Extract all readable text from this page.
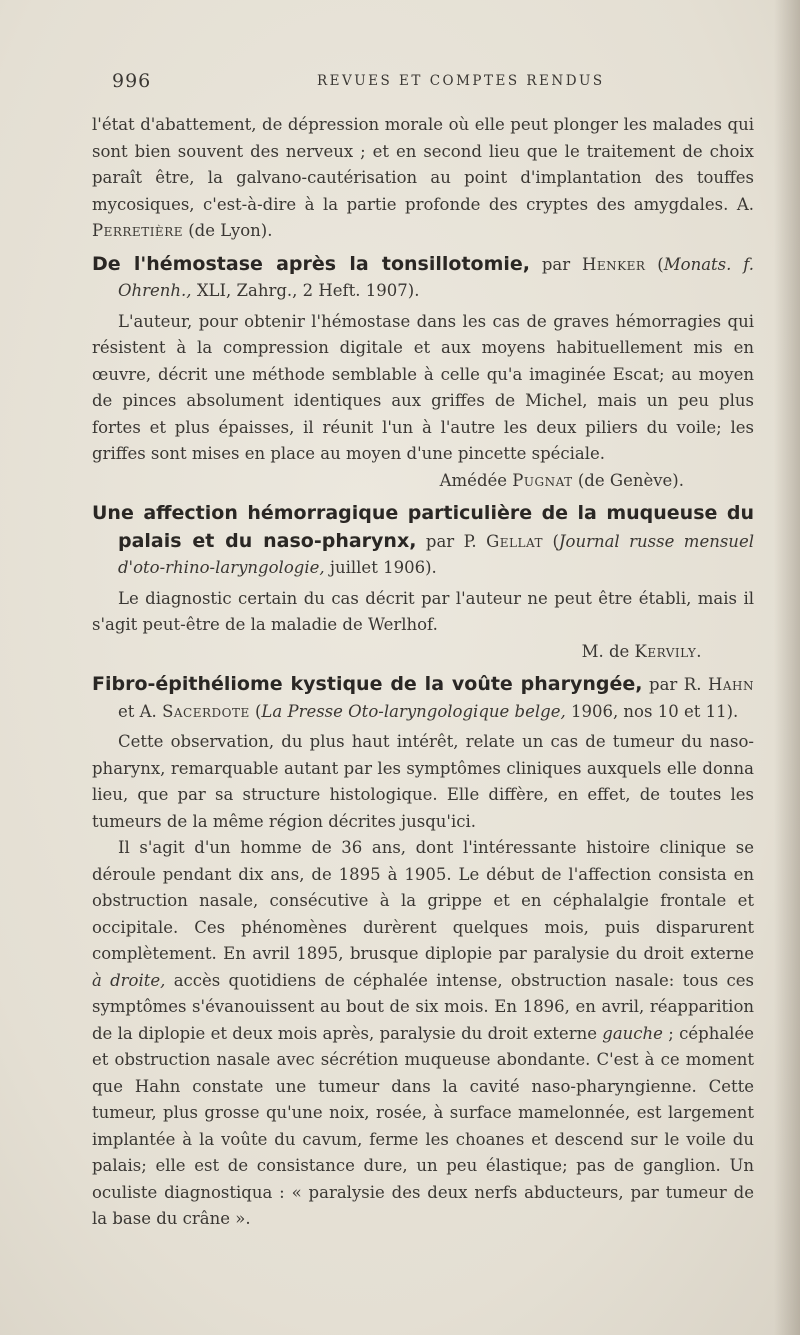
996	REVUES ET COMPTES RENDUS

l'état d'abattement, de dépression morale où elle peut plonger les malades qui sont bien souvent des nerveux ; et en second lieu que le traitement de choix paraît être, la galvano-cautérisation au point d'implantation des touffes mycosiques, c'est-à-dire à la partie profonde des cryptes des amygdales. A. Perretière (de Lyon).

De l'hémostase après la tonsillotomie, par Henker (Monats. f. Ohrenh., XLI, Zahrg., 2 Heft. 1907).

L'auteur, pour obtenir l'hémostase dans les cas de graves hémorragies qui résistent à la compression digitale et aux moyens habituellement mis en œuvre, décrit une méthode semblable à celle qu'a imaginée Escat; au moyen de pinces absolument identiques aux griffes de Michel, mais un peu plus fortes et plus épaisses, il réunit l'un à l'autre les deux piliers du voile; les griffes sont mises en place au moyen d'une pincette spéciale.

Amédée Pugnat (de Genève).

Une affection hémorragique particulière de la muqueuse du palais et du naso-pharynx, par P. Gellat (Journal russe mensuel d'oto-rhino-laryngologie, juillet 1906).

Le diagnostic certain du cas décrit par l'auteur ne peut être établi, mais il s'agit peut-être de la maladie de Werlhof.

M. de Kervily.

Fibro-épithéliome kystique de la voûte pharyngée, par R. Hahn et A. Sacerdote (La Presse Oto-laryngologique belge, 1906, nos 10 et 11).

Cette observation, du plus haut intérêt, relate un cas de tumeur du naso-pharynx, remarquable autant par les symptômes cliniques auxquels elle donna lieu, que par sa structure histologique. Elle diffère, en effet, de toutes les tumeurs de la même région décrites jusqu'ici.

Il s'agit d'un homme de 36 ans, dont l'intéressante histoire clinique se déroule pendant dix ans, de 1895 à 1905. Le début de l'affection consista en obstruction nasale, consécutive à la grippe et en céphalalgie frontale et occipitale. Ces phénomènes durèrent quelques mois, puis disparurent complètement. En avril 1895, brusque diplopie par paralysie du droit externe à droite, accès quotidiens de céphalée intense, obstruction nasale: tous ces symptômes s'évanouissent au bout de six mois. En 1896, en avril, réapparition de la diplopie et deux mois après, paralysie du droit externe gauche ; céphalée et obstruction nasale avec sécrétion muqueuse abondante. C'est à ce moment que Hahn constate une tumeur dans la cavité naso-pharyngienne. Cette tumeur, plus grosse qu'une noix, rosée, à surface mamelonnée, est largement implantée à la voûte du cavum, ferme les choanes et descend sur le voile du palais; elle est de consistance dure, un peu élastique; pas de ganglion. Un oculiste diagnostiqua : « paralysie des deux nerfs abducteurs, par tumeur de la base du crâne ».
